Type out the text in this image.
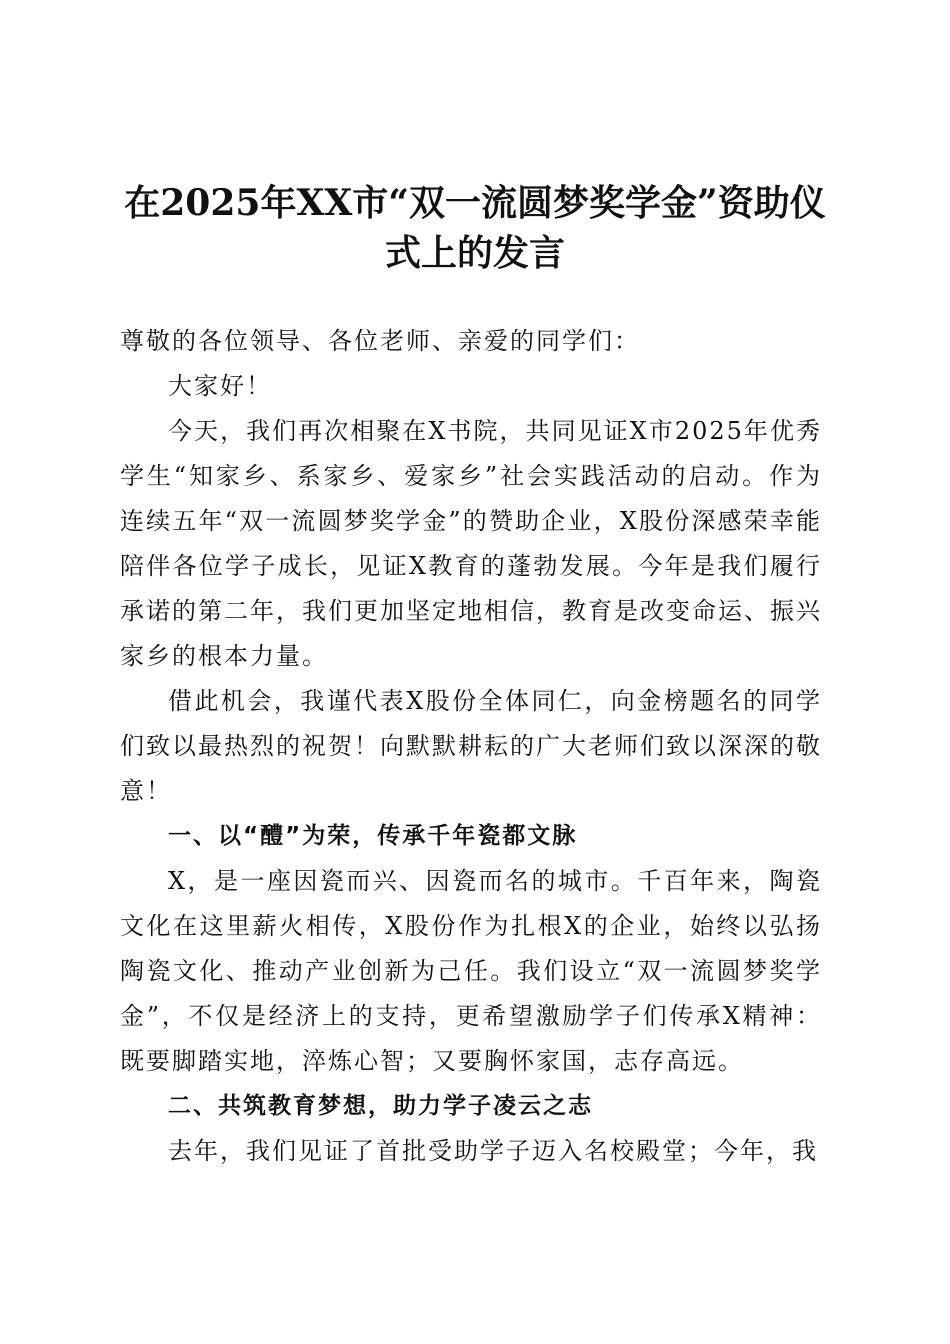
在2025年XX市“双一流圆梦奖学金”资助仪式上的发言

尊敬的各位领导、各位老师、亲爱的同学们：

大家好！

今天，我们再次相聚在X书院，共同见证X市2025年优秀学生“知家乡、系家乡、爱家乡”社会实践活动的启动。作为连续五年“双一流圆梦奖学金”的赞助企业，X股份深感荣幸能陪伴各位学子成长，见证X教育的蓬勃发展。今年是我们履行承诺的第二年，我们更加坚定地相信，教育是改变命运、振兴家乡的根本力量。

借此机会，我谨代表X股份全体同仁，向金榜题名的同学们致以最热烈的祝贺！向默默耕耘的广大老师们致以深深的敬意！

一、以“醴”为荣，传承千年瓷都文脉

X，是一座因瓷而兴、因瓷而名的城市。千百年来，陶瓷文化在这里薪火相传，X股份作为扎根X的企业，始终以弘扬陶瓷文化、推动产业创新为己任。我们设立“双一流圆梦奖学金”，不仅是经济上的支持，更希望激励学子们传承X精神：既要脚踏实地，淬炼心智；又要胸怀家国，志存高远。

二、共筑教育梦想，助力学子凌云之志

去年，我们见证了首批受助学子迈入名校殿堂；今年，我
